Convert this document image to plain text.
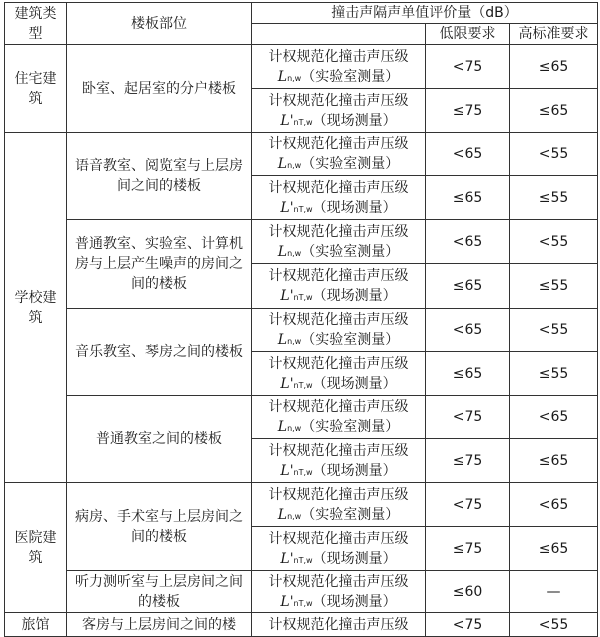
建筑类型	楼板部位	撞击声隔声单值评价量（dB）		
			低限要求	高标准要求
住宅建筑	卧室、起居室的分户楼板	计权规范化撞击声压级
Ln,w（实验室测量）	<75	≤65

		计权规范化撞击声压级
L'nT,w（现场测量）	≤75	≤65
学校建筑	语音教室、阅览室与上层房间之间的楼板	计权规范化撞击声压级
Ln,w（实验室测量）	<65	<55

		计权规范化撞击声压级
L'nT,w（现场测量）	≤65	≤55
	普通教室、实验室、计算机房与上层产生噪声的房间之间的楼板	计权规范化撞击声压级
Ln,w（实验室测量）	<65	<55

		计权规范化撞击声压级
L'nT,w（现场测量）	≤65	≤55
	音乐教室、琴房之间的楼板	计权规范化撞击声压级
Ln,w（实验室测量）	<65	<55

		计权规范化撞击声压级
L'nT,w（现场测量）	≤65	≤55
	普通教室之间的楼板	计权规范化撞击声压级
Ln,w（实验室测量）	<75	<65

		计权规范化撞击声压级
L'nT,w（现场测量）	≤75	≤65
医院建筑	病房、手术室与上层房间之间的楼板	计权规范化撞击声压级
Ln,w（实验室测量）	<75	<65

		计权规范化撞击声压级
L'nT,w（现场测量）	≤75	≤65
	听力测听室与上层房间之间的楼板	计权规范化撞击声压级
L'nT,w（现场测量）	≤60	—
旅馆	客房与上层房间之间的楼	计权规范化撞击声压级	<75	<55
